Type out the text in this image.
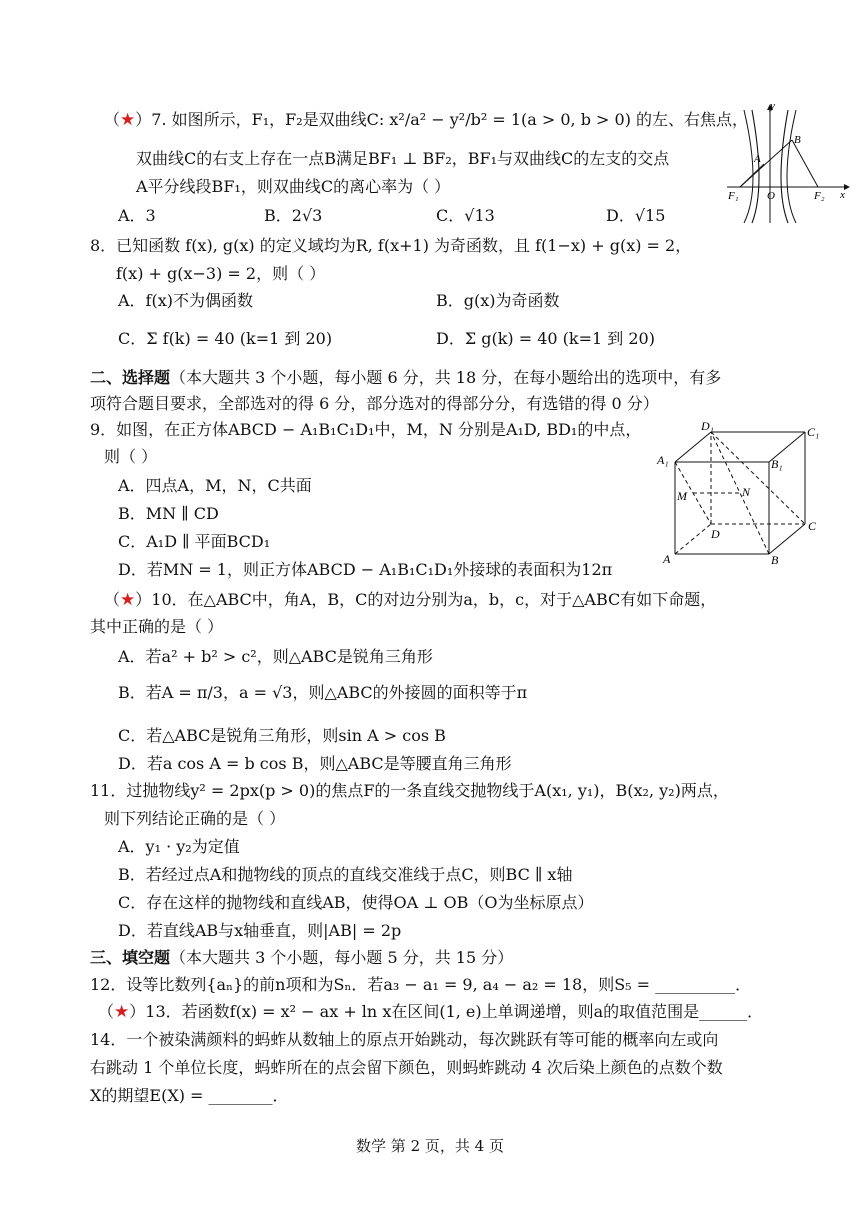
（★）7. 如图所示，F₁，F₂是双曲线C: x²/a² − y²/b² = 1(a > 0, b > 0) 的左、右焦点，
双曲线C的右支上存在一点B满足BF₁ ⊥ BF₂，BF₁与双曲线C的左支的交点
A平分线段BF₁，则双曲线C的离心率为（ ）
A．3	B．2√3	C．√13	D．√15
y
x
O
A
B
F₁	F₂
8．已知函数 f(x), g(x) 的定义域均为R, f(x+1) 为奇函数，且 f(1−x) + g(x) = 2，
f(x) + g(x−3) = 2，则（ ）
A．f(x)不为偶函数	B．g(x)为奇函数
C．Σ f(k) = 40 (k=1 到 20)	D．Σ g(k) = 40 (k=1 到 20)
二、选择题（本大题共 3 个小题，每小题 6 分，共 18 分，在每小题给出的选项中，有多
项符合题目要求，全部选对的得 6 分，部分选对的得部分分，有选错的得 0 分）
9．如图，在正方体ABCD − A₁B₁C₁D₁中，M，N 分别是A₁D, BD₁的中点，
则（ ）
A．四点A，M，N，C共面
B．MN ∥ CD
C．A₁D ∥ 平面BCD₁
D．若MN = 1，则正方体ABCD − A₁B₁C₁D₁外接球的表面积为12π
D₁	C₁
A₁	B₁
M	N
D
C
A	B
（★）10．在△ABC中，角A，B，C的对边分别为a，b，c，对于△ABC有如下命题，
其中正确的是（ ）
A．若a² + b² > c²，则△ABC是锐角三角形
B．若A = π/3，a = √3，则△ABC的外接圆的面积等于π
C．若△ABC是锐角三角形，则sin A > cos B
D．若a cos A = b cos B，则△ABC是等腰直角三角形
11．过抛物线y² = 2px(p > 0)的焦点F的一条直线交抛物线于A(x₁, y₁)，B(x₂, y₂)两点，
则下列结论正确的是（ ）
A．y₁ · y₂为定值
B．若经过点A和抛物线的顶点的直线交准线于点C，则BC ∥ x轴
C．存在这样的抛物线和直线AB，使得OA ⊥ OB（O为坐标原点）
D．若直线AB与x轴垂直，则|AB| = 2p
三、填空题（本大题共 3 个小题，每小题 5 分，共 15 分）
12．设等比数列{aₙ}的前n项和为Sₙ．若a₃ − a₁ = 9, a₄ − a₂ = 18，则S₅ = __________．
（★）13．若函数f(x) = x² − ax + ln x在区间(1, e)上单调递增，则a的取值范围是______．
14．一个被染满颜料的蚂蚱从数轴上的原点开始跳动，每次跳跃有等可能的概率向左或向
右跳动 1 个单位长度，蚂蚱所在的点会留下颜色，则蚂蚱跳动 4 次后染上颜色的点数个数
X的期望E(X) = ________．
数学 第 2 页，共 4 页
